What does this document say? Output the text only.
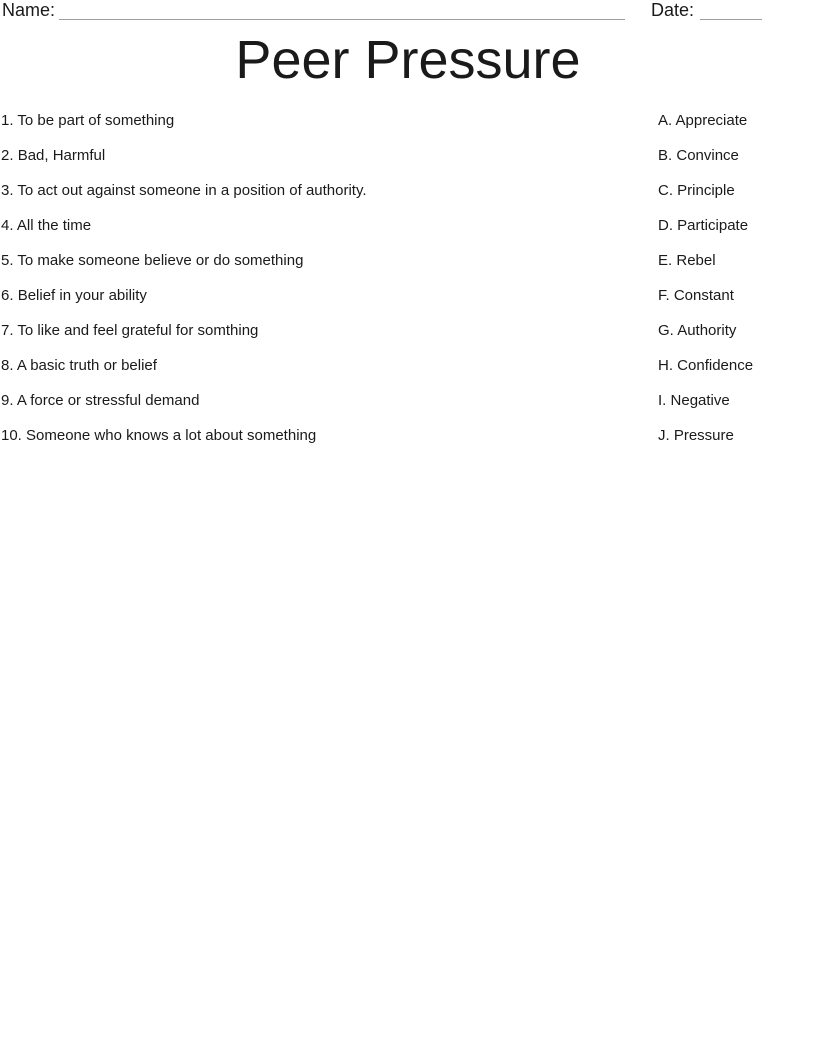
Name:	Date:
Peer Pressure
1. To be part of something	A. Appreciate
2. Bad, Harmful	B. Convince
3. To act out against someone in a position of authority.	C. Principle
4. All the time	D. Participate
5. To make someone believe or do something	E. Rebel
6. Belief in your ability	F. Constant
7. To like and feel grateful for somthing	G. Authority
8. A basic truth or belief	H. Confidence
9. A force or stressful demand	I. Negative
10. Someone who knows a lot about something	J. Pressure
